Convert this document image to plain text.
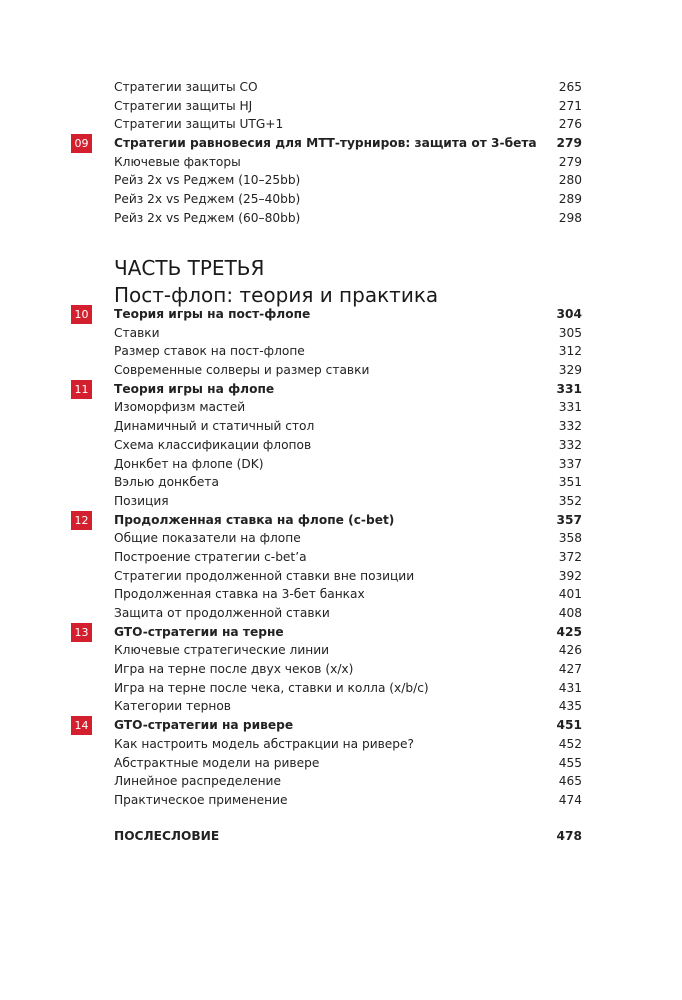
Стратегии защиты CO	265
Стратегии защиты HJ	271
Стратегии защиты UTG+1	276
09 Стратегии равновесия для МТТ-турниров: защита от 3-бета	279
Ключевые факторы	279
Рейз 2x vs Реджем (10–25bb)	280
Рейз 2x vs Реджем (25–40bb)	289
Рейз 2x vs Реджем (60–80bb)	298
ЧАСТЬ ТРЕТЬЯ
Пост-флоп: теория и практика
10 Теория игры на пост-флопе	304
Ставки	305
Размер ставок на пост-флопе	312
Современные солверы и размер ставки	329
11 Теория игры на флопе	331
Изоморфизм мастей	331
Динамичный и статичный стол	332
Схема классификации флопов	332
Донкбет на флопе (DK)	337
Вэлью донкбета	351
Позиция	352
12 Продолженная ставка на флопе (c-bet)	357
Общие показатели на флопе	358
Построение стратегии c-bet’а	372
Стратегии продолженной ставки вне позиции	392
Продолженная ставка на 3-бет банках	401
Защита от продолженной ставки	408
13 GTO-стратегии на терне	425
Ключевые стратегические линии	426
Игра на терне после двух чеков (x/x)	427
Игра на терне после чека, ставки и колла (x/b/c)	431
Категории тернов	435
14 GTO-стратегии на ривере	451
Как настроить модель абстракции на ривере?	452
Абстрактные модели на ривере	455
Линейное распределение	465
Практическое применение	474
ПОСЛЕСЛОВИЕ	478
